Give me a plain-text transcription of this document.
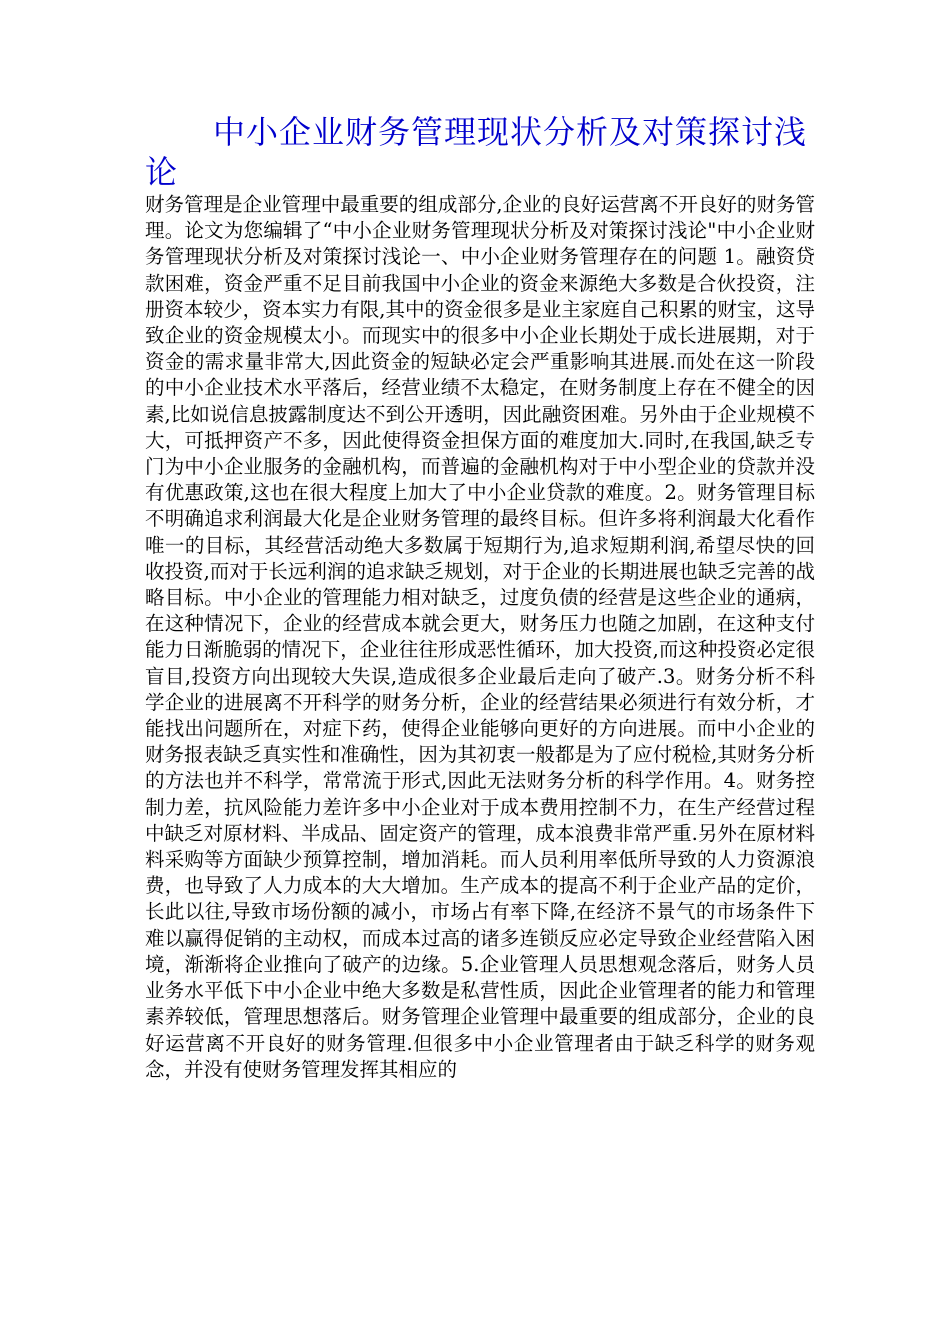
中小企业财务管理现状分析及对策探讨浅论

财务管理是企业管理中最重要的组成部分,企业的良好运营离不开良好的财务管理。论文为您编辑了“中小企业财务管理现状分析及对策探讨浅论"中小企业财务管理现状分析及对策探讨浅论一、中小企业财务管理存在的问题 1。融资贷款困难，资金严重不足目前我国中小企业的资金来源绝大多数是合伙投资，注册资本较少，资本实力有限,其中的资金很多是业主家庭自己积累的财宝，这导致企业的资金规模太小。而现实中的很多中小企业长期处于成长进展期，对于资金的需求量非常大,因此资金的短缺必定会严重影响其进展.而处在这一阶段的中小企业技术水平落后，经营业绩不太稳定，在财务制度上存在不健全的因素,比如说信息披露制度达不到公开透明，因此融资困难。另外由于企业规模不大，可抵押资产不多，因此使得资金担保方面的难度加大.同时,在我国,缺乏专门为中小企业服务的金融机构，而普遍的金融机构对于中小型企业的贷款并没有优惠政策,这也在很大程度上加大了中小企业贷款的难度。2。财务管理目标不明确追求利润最大化是企业财务管理的最终目标。但许多将利润最大化看作唯一的目标，其经营活动绝大多数属于短期行为,追求短期利润,希望尽快的回收投资,而对于长远利润的追求缺乏规划，对于企业的长期进展也缺乏完善的战略目标。中小企业的管理能力相对缺乏，过度负债的经营是这些企业的通病，在这种情况下，企业的经营成本就会更大，财务压力也随之加剧，在这种支付能力日渐脆弱的情况下，企业往往形成恶性循环，加大投资,而这种投资必定很盲目,投资方向出现较大失误,造成很多企业最后走向了破产.3。财务分析不科学企业的进展离不开科学的财务分析，企业的经营结果必须进行有效分析，才能找出问题所在，对症下药，使得企业能够向更好的方向进展。而中小企业的财务报表缺乏真实性和准确性，因为其初衷一般都是为了应付税检,其财务分析的方法也并不科学，常常流于形式,因此无法财务分析的科学作用。4。财务控制力差，抗风险能力差许多中小企业对于成本费用控制不力，在生产经营过程中缺乏对原材料、半成品、固定资产的管理，成本浪费非常严重.另外在原材料料采购等方面缺少预算控制，增加消耗。而人员利用率低所导致的人力资源浪费，也导致了人力成本的大大增加。生产成本的提高不利于企业产品的定价，长此以往,导致市场份额的减小，市场占有率下降,在经济不景气的市场条件下难以赢得促销的主动权，而成本过高的诸多连锁反应必定导致企业经营陷入困境，渐渐将企业推向了破产的边缘。5.企业管理人员思想观念落后，财务人员业务水平低下中小企业中绝大多数是私营性质，因此企业管理者的能力和管理素养较低，管理思想落后。财务管理企业管理中最重要的组成部分，企业的良好运营离不开良好的财务管理.但很多中小企业管理者由于缺乏科学的财务观念，并没有使财务管理发挥其相应的
